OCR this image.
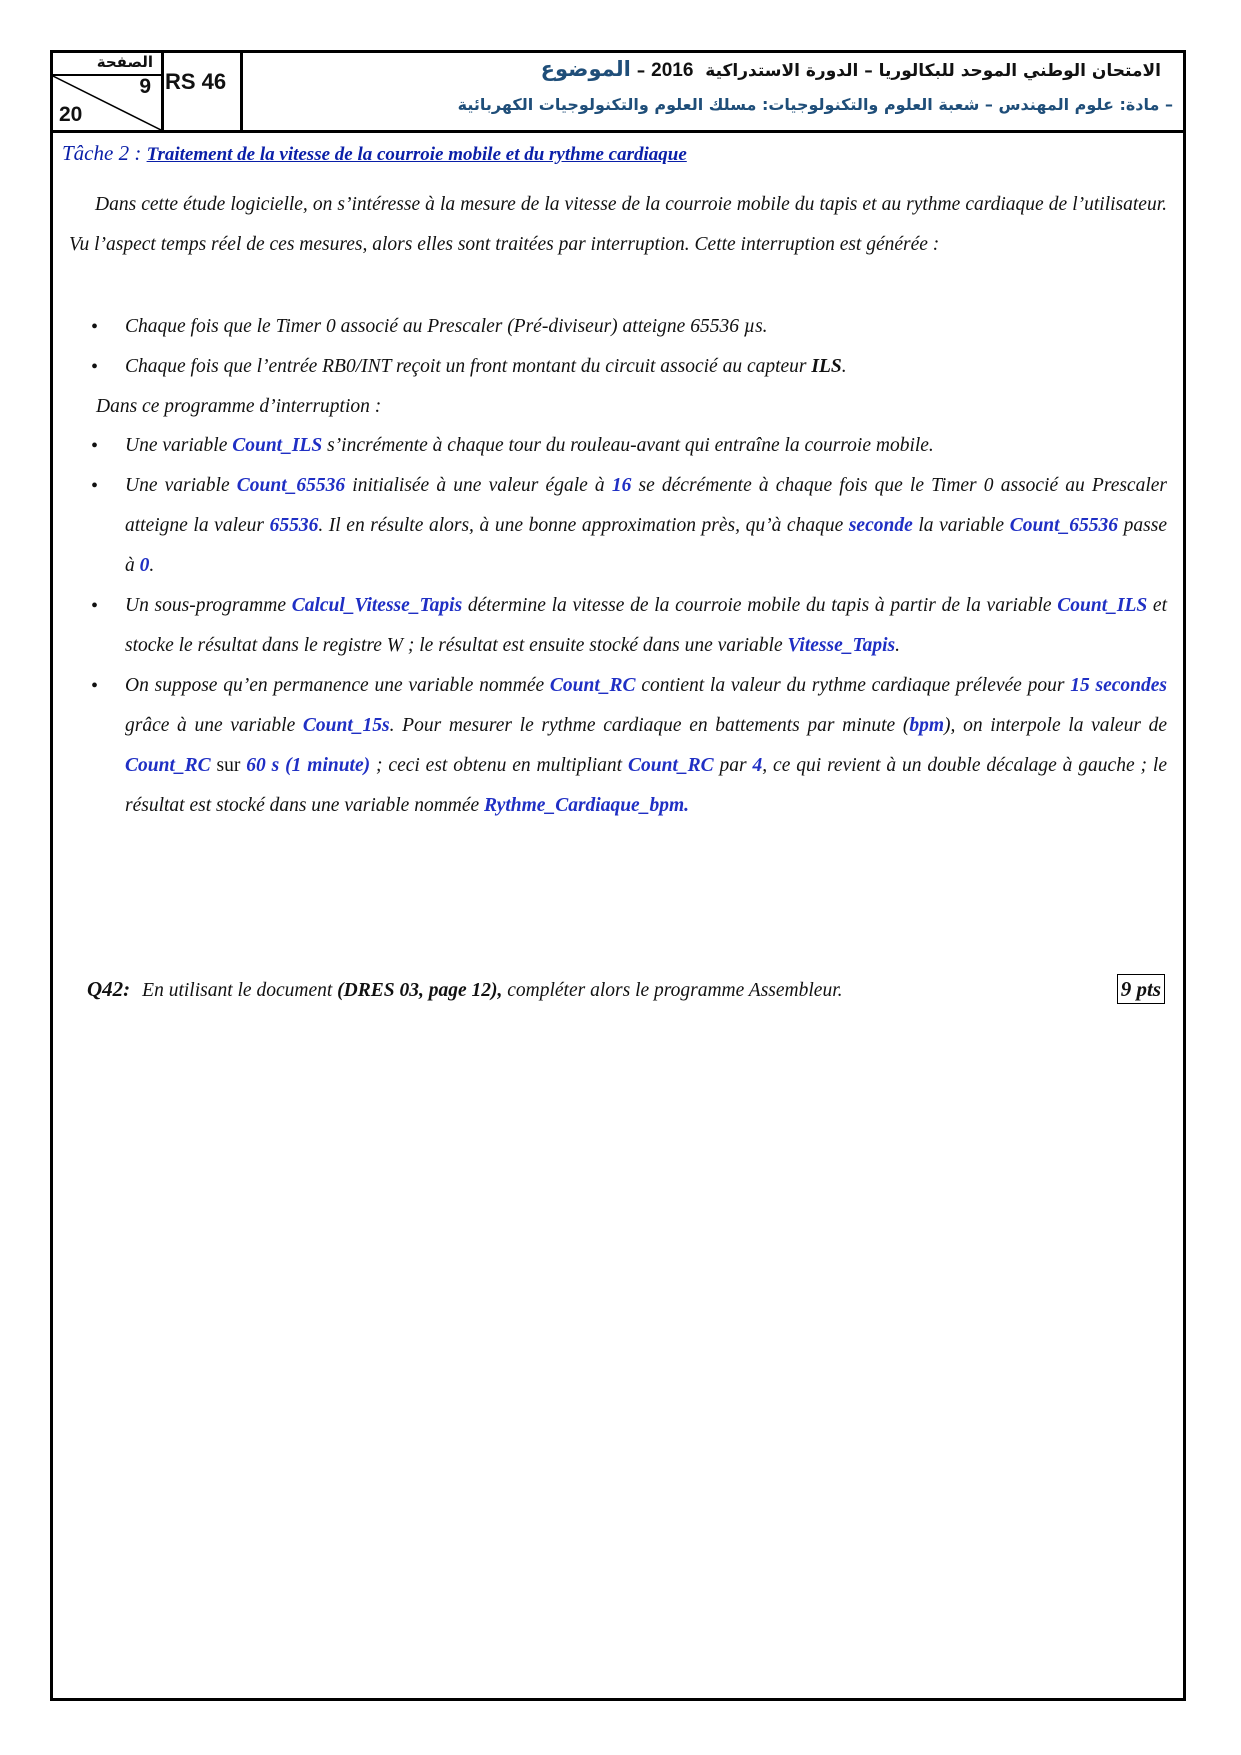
الصفحة
9
20
RS 46	الامتحان الوطني الموحد للبكالوريا – الدورة الاستدراكية  2016 – الموضوع
– مادة: علوم المهندس – شعبة العلوم والتكنولوجيات: مسلك العلوم والتكنولوجيات الكهربائية
Tâche 2 : Traitement de la vitesse de la courroie mobile et du rythme cardiaque
Dans cette étude logicielle, on s’intéresse à la mesure de la vitesse de la courroie mobile du tapis et au rythme cardiaque de l’utilisateur. Vu l’aspect temps réel de ces mesures, alors elles sont traitées par interruption. Cette interruption est générée :
• Chaque fois que le Timer 0 associé au Prescaler (Pré-diviseur) atteigne 65536 µs.
• Chaque fois que l’entrée RB0/INT reçoit un front montant du circuit associé au capteur ILS.
Dans ce programme d’interruption :
• Une variable Count_ILS s’incrémente à chaque tour du rouleau-avant qui entraîne la courroie mobile.
• Une variable Count_65536 initialisée à une valeur égale à 16 se décrémente à chaque fois que le Timer 0 associé au Prescaler atteigne la valeur 65536. Il en résulte alors, à une bonne approximation près, qu’à chaque seconde la variable Count_65536 passe à 0.
• Un sous-programme Calcul_Vitesse_Tapis détermine la vitesse de la courroie mobile du tapis à partir de la variable Count_ILS et stocke le résultat dans le registre W ; le résultat est ensuite stocké dans une variable Vitesse_Tapis.
• On suppose qu’en permanence une variable nommée Count_RC contient la valeur du rythme cardiaque prélevée pour 15 secondes grâce à une variable Count_15s. Pour mesurer le rythme cardiaque en battements par minute (bpm), on interpole la valeur de Count_RC sur 60 s (1 minute) ; ceci est obtenu en multipliant Count_RC par 4, ce qui revient à un double décalage à gauche ; le résultat est stocké dans une variable nommée Rythme_Cardiaque_bpm.
Q42: En utilisant le document (DRES 03, page 12), compléter alors le programme Assembleur.	9 pts
